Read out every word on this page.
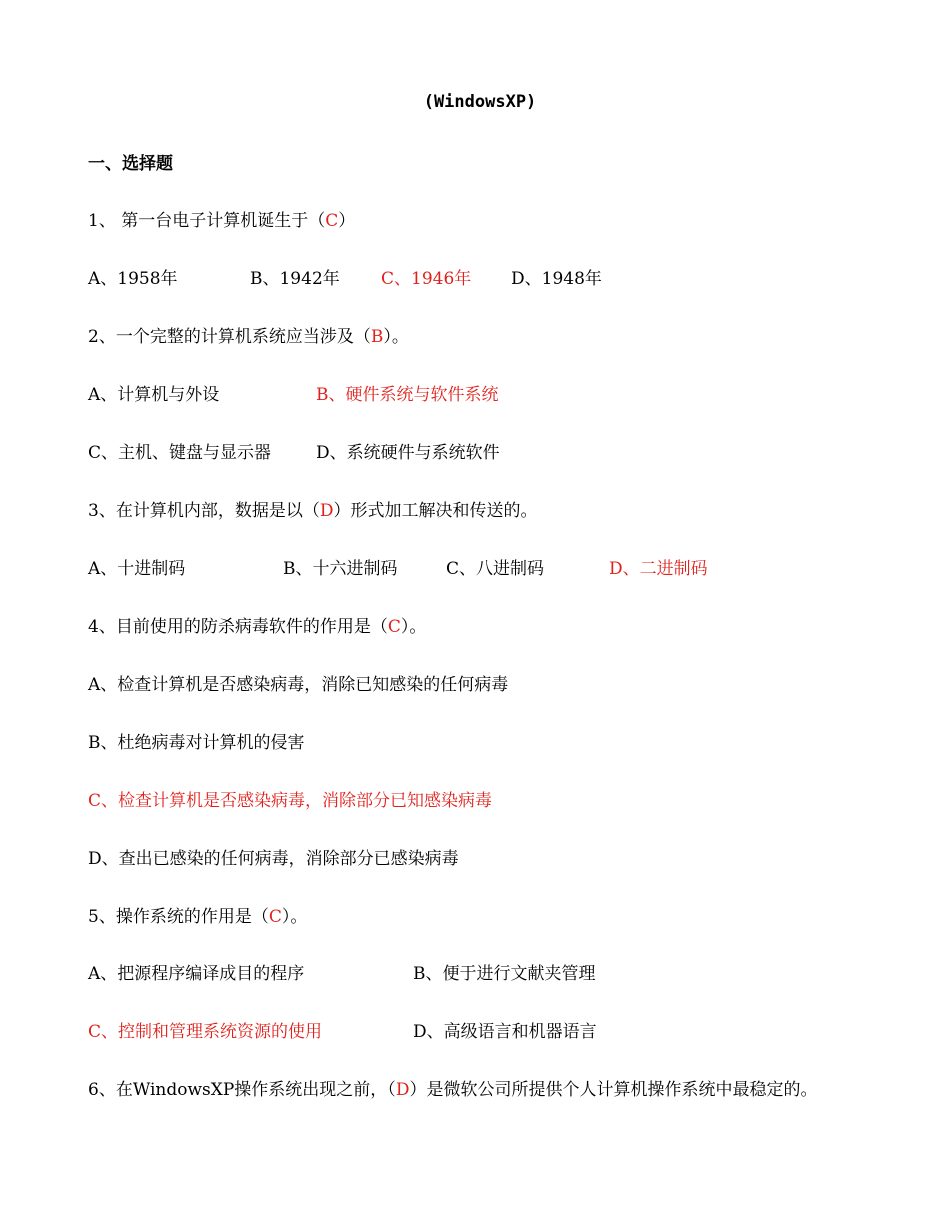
(WindowsXP)
一、选择题
1、 第一台电子计算机诞生于（C）
A、1958年	B、1942年 C、1946年 D、1948年
2、一个完整的计算机系统应当涉及（B）。
A、计算机与外设	B、硬件系统与软件系统
C、主机、键盘与显示器	D、系统硬件与系统软件
3、在计算机内部，数据是以（D）形式加工解决和传送的。
A、十进制码	B、十六进制码	C、八进制码	D、二进制码
4、目前使用的防杀病毒软件的作用是（C）。
A、检查计算机是否感染病毒，消除已知感染的任何病毒
B、杜绝病毒对计算机的侵害
C、检查计算机是否感染病毒，消除部分已知感染病毒
D、查出已感染的任何病毒，消除部分已感染病毒
5、操作系统的作用是（C）。
A、把源程序编译成目的程序	B、便于进行文献夹管理
C、控制和管理系统资源的使用	D、高级语言和机器语言
6、在WindowsXP操作系统出现之前，（D）是微软公司所提供个人计算机操作系统中最稳定的。
